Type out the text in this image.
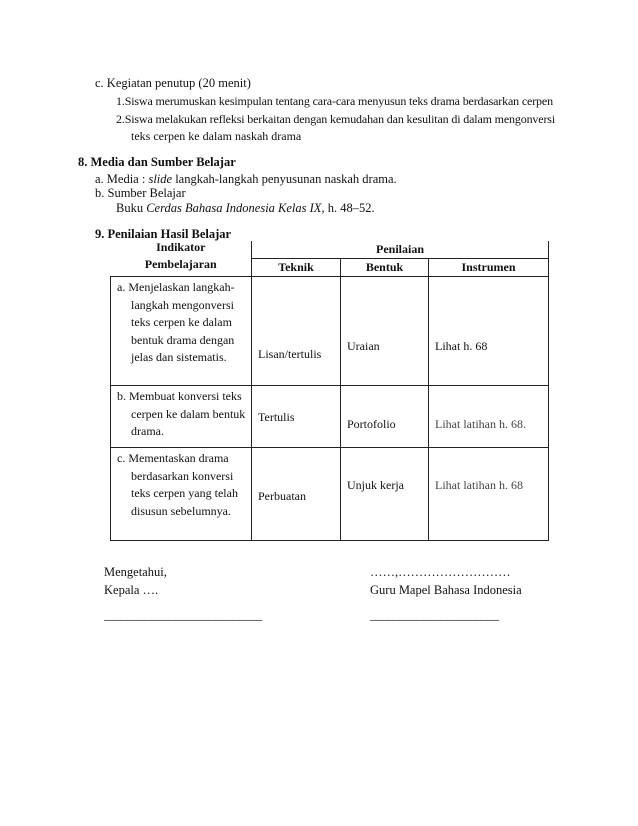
c. Kegiatan penutup (20 menit)
1.Siswa merumuskan kesimpulan tentang cara-cara menyusun teks drama berdasarkan cerpen
2.Siswa melakukan refleksi berkaitan dengan kemudahan dan kesulitan di dalam mengonversi
teks cerpen ke dalam naskah drama
8. Media dan Sumber Belajar
a. Media : slide langkah-langkah penyusunan naskah drama.
b. Sumber Belajar
Buku Cerdas Bahasa Indonesia Kelas IX, h. 48–52.
9. Penilaian Hasil Belajar
Indikator
Pembelajaran	Penilaian		
	Teknik	Bentuk	Instrumen

a. Menjelaskan langkah-langkah mengonversi teks cerpen ke dalam bentuk drama dengan jelas dan sistematis.	Lisan/tertulis	Uraian	Lihat h. 68

b. Membuat konversi teks cerpen ke dalam bentuk drama.	Tertulis	Portofolio	Lihat latihan h. 68.

c. Mementaskan drama berdasarkan konversi teks cerpen yang telah disusun sebelumnya.	Perbuatan	Unjuk kerja	Lihat latihan h. 68
Mengetahui,
Kepala ….
___________________________
……,………………………
Guru Mapel Bahasa Indonesia
______________________
